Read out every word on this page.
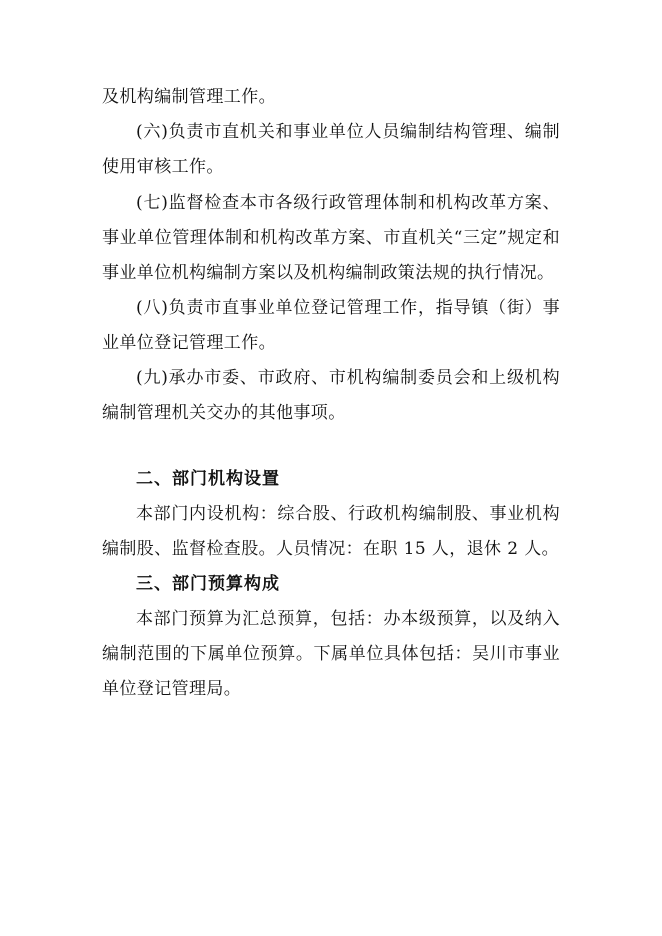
及机构编制管理工作。

(六)负责市直机关和事业单位人员编制结构管理、编制使用审核工作。

(七)监督检查本市各级行政管理体制和机构改革方案、事业单位管理体制和机构改革方案、市直机关“三定”规定和事业单位机构编制方案以及机构编制政策法规的执行情况。

(八)负责市直事业单位登记管理工作，指导镇（街）事业单位登记管理工作。

(九)承办市委、市政府、市机构编制委员会和上级机构编制管理机关交办的其他事项。

二、部门机构设置

本部门内设机构：综合股、行政机构编制股、事业机构编制股、监督检查股。人员情况：在职 15 人，退休 2 人。

三、部门预算构成

本部门预算为汇总预算，包括：办本级预算，以及纳入编制范围的下属单位预算。下属单位具体包括：吴川市事业单位登记管理局。
